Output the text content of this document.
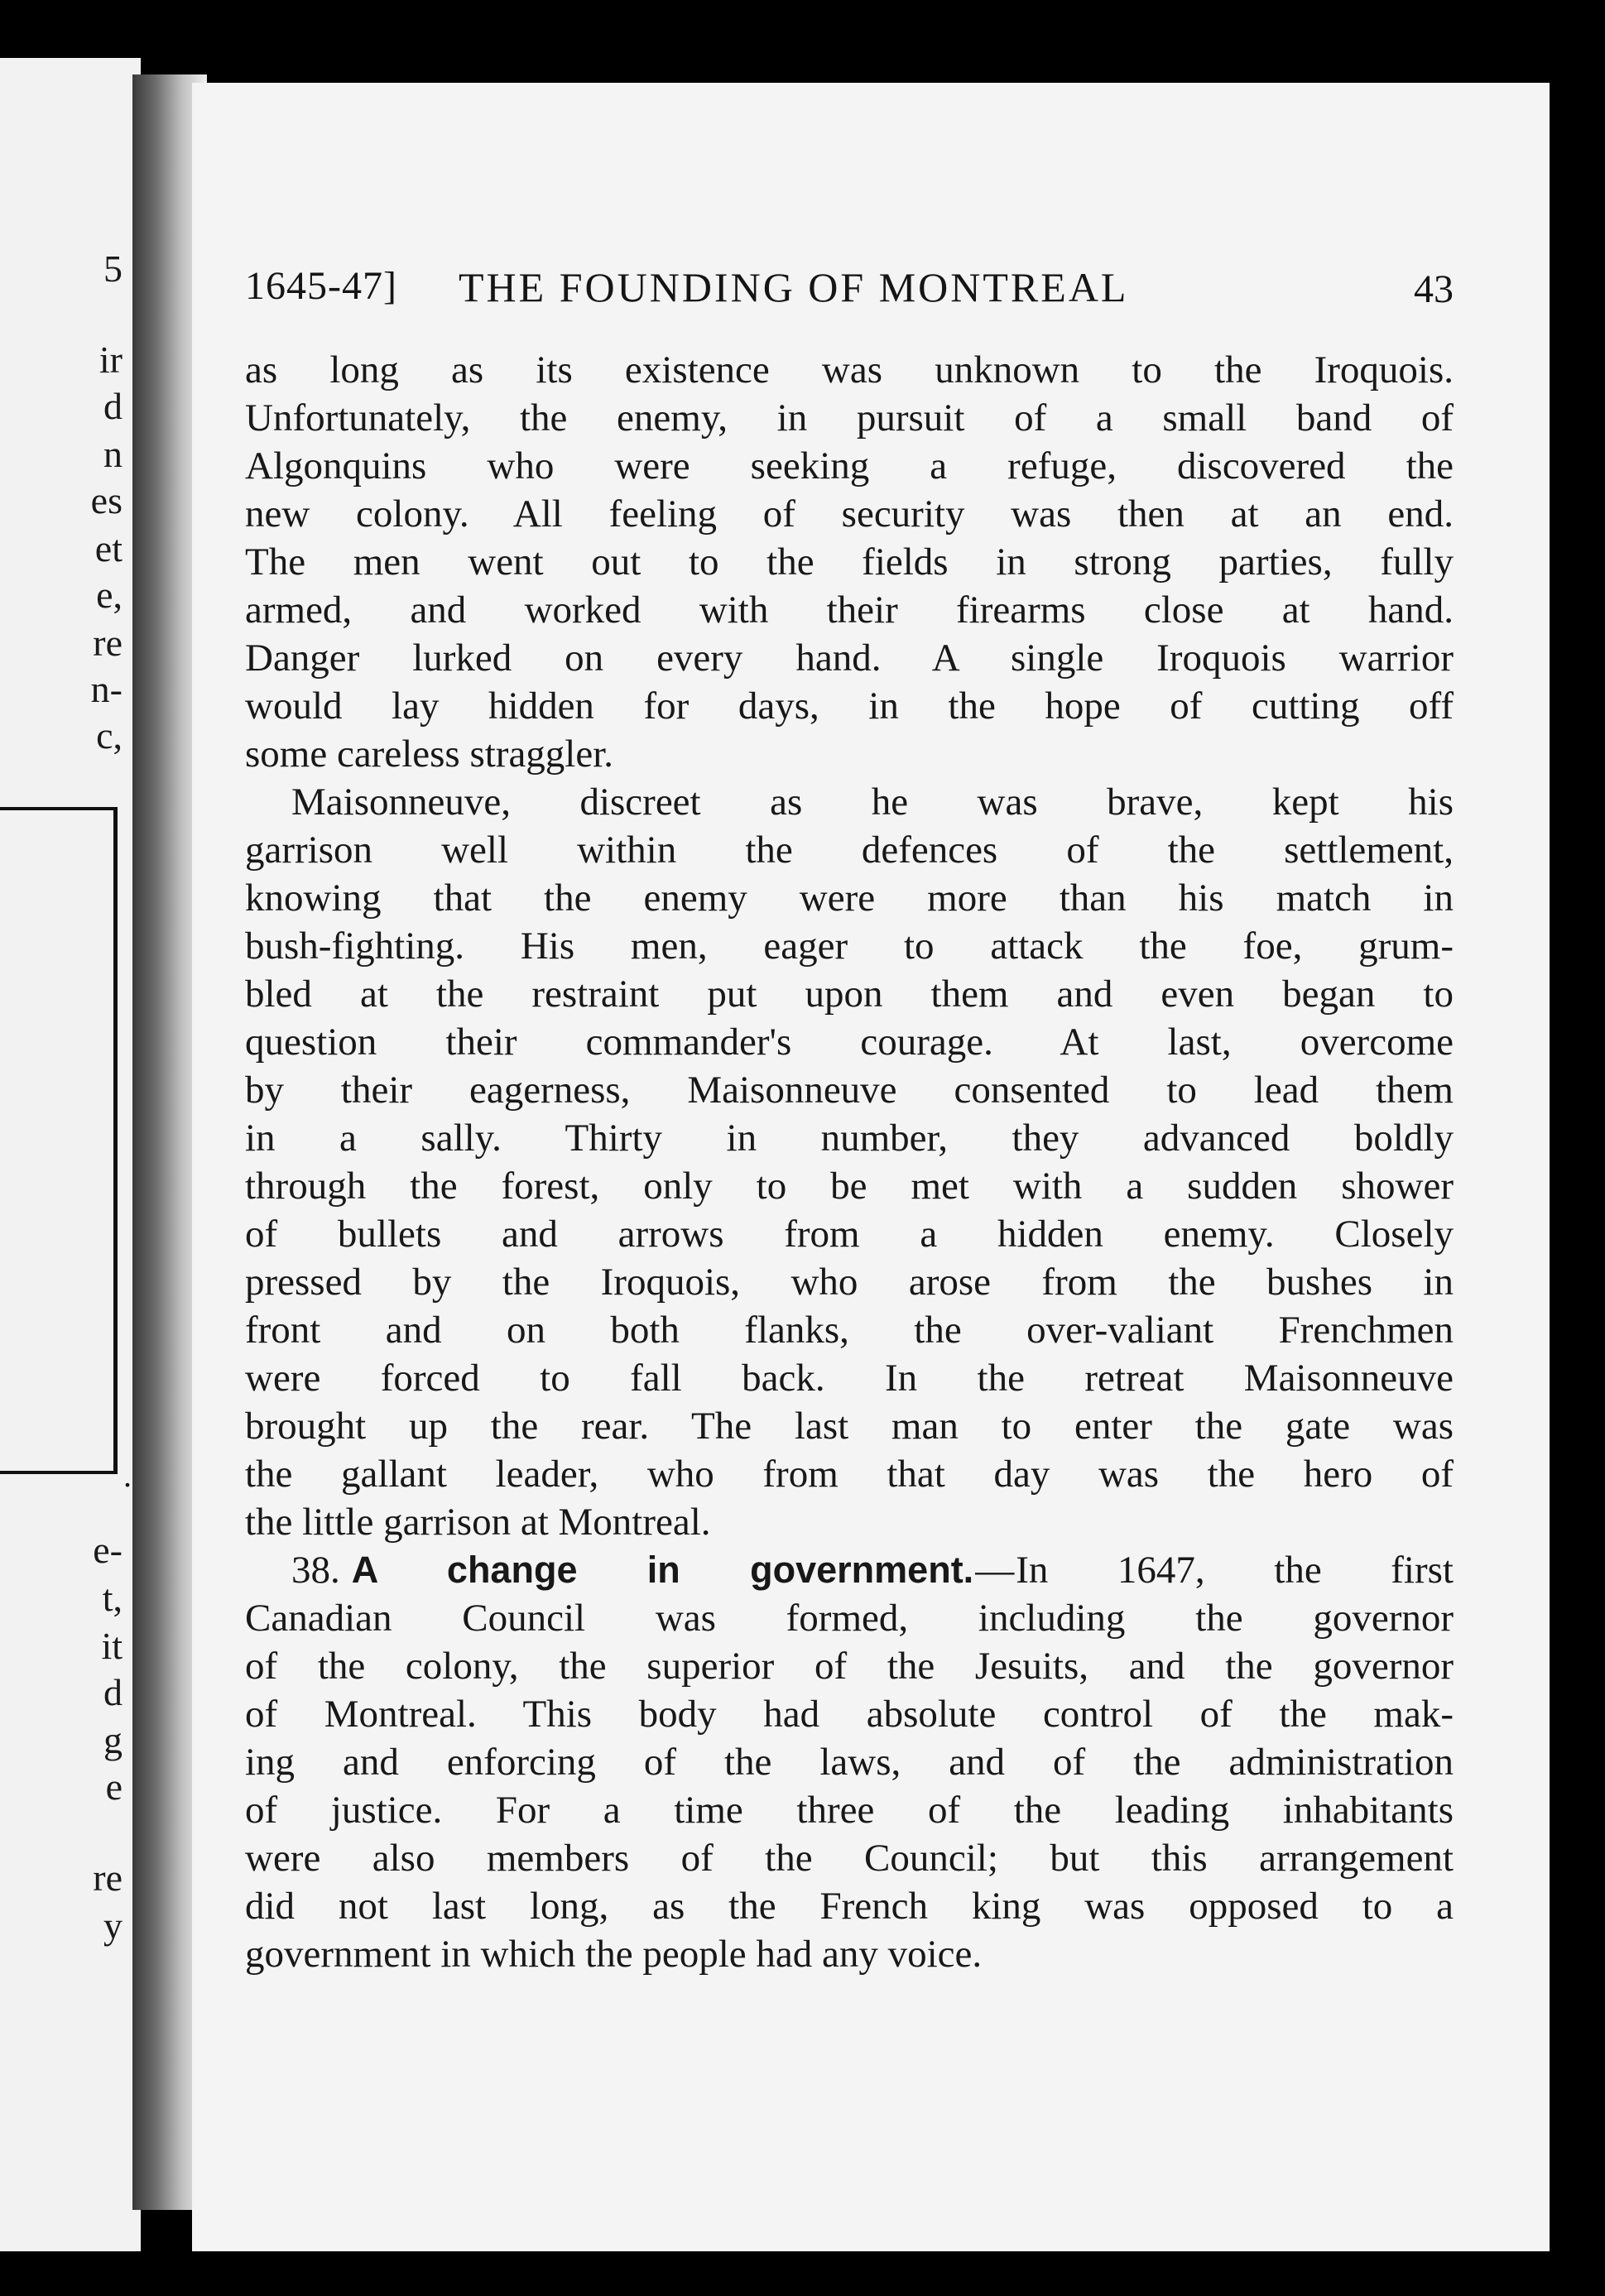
5
ir
d
n
es
et
e,
re
n-
c,
e-
t,
it
d
g
e
re
y
.
1645-47] THE FOUNDING OF MONTREAL	43
as long as its existence was unknown to the Iroquois.
Unfortunately, the enemy, in pursuit of a small band of
Algonquins who were seeking a refuge, discovered the
new colony. All feeling of security was then at an end.
The men went out to the fields in strong parties, fully
armed, and worked with their firearms close at hand.
Danger lurked on every hand. A single Iroquois warrior
would lay hidden for days, in the hope of cutting off
some careless straggler.
Maisonneuve, discreet as he was brave, kept his
garrison well within the defences of the settlement,
knowing that the enemy were more than his match in
bush-fighting. His men, eager to attack the foe, grum-
bled at the restraint put upon them and even began to
question their commander's courage. At last, overcome
by their eagerness, Maisonneuve consented to lead them
in a sally. Thirty in number, they advanced boldly
through the forest, only to be met with a sudden shower
of bullets and arrows from a hidden enemy. Closely
pressed by the Iroquois, who arose from the bushes in
front and on both flanks, the over-valiant Frenchmen
were forced to fall back. In the retreat Maisonneuve
brought up the rear. The last man to enter the gate was
the gallant leader, who from that day was the hero of
the little garrison at Montreal.
38. A change in government.—In 1647, the first
Canadian Council was formed, including the governor
of the colony, the superior of the Jesuits, and the governor
of Montreal. This body had absolute control of the mak-
ing and enforcing of the laws, and of the administration
of justice. For a time three of the leading inhabitants
were also members of the Council; but this arrangement
did not last long, as the French king was opposed to a
government in which the people had any voice.
